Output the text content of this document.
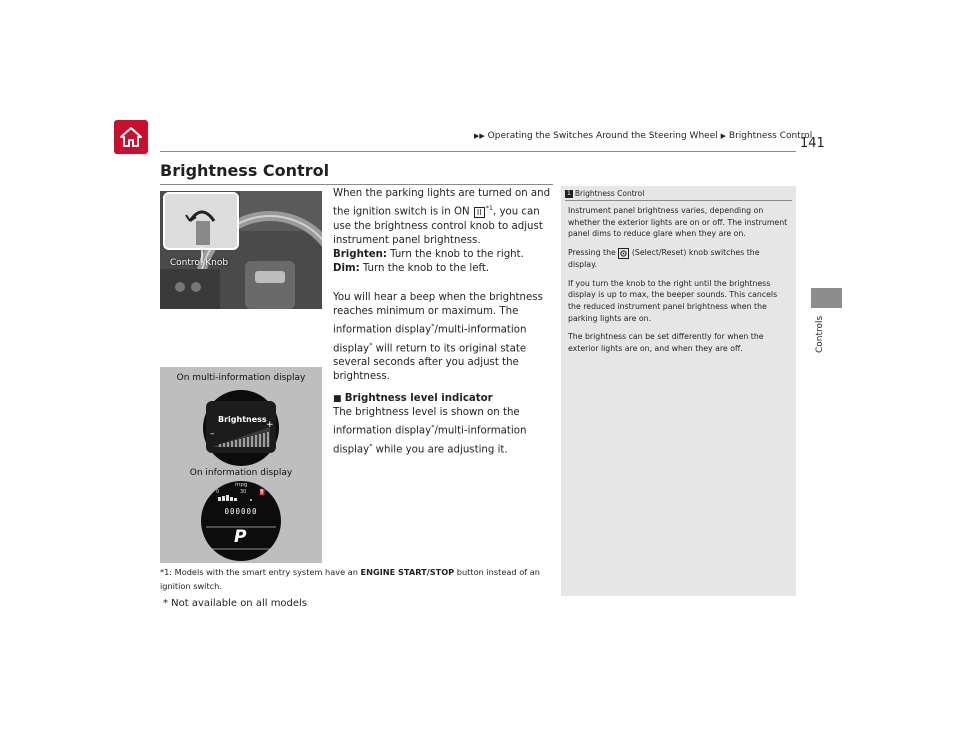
▶▶ Operating the Switches Around the Steering Wheel ▶ Brightness Control
141
Controls
Brightness Control
Control Knob

When the parking lights are turned on and the ignition switch is in ON II $^{*1}$, you can use the brightness control knob to adjust instrument panel brightness.

Brighten: Turn the knob to the right.

Dim: Turn the knob to the left.

You will hear a beep when the brightness reaches minimum or maximum. The information display*/multi-information display* will return to its original state several seconds after you adjust the brightness.

■ Brightness level indicator

The brightness level is shown on the information display*/multi-information display* while you are adjusting it.

On multi-information display
Brightness
–
+
On information display
mpg
0	30 ⛽
000000
P
*1: Models with the smart entry system have an ENGINE START/STOP button instead of an ignition switch.
1 Brightness Control

Instrument panel brightness varies, depending on whether the exterior lights are on or off. The instrument panel dims to reduce glare when they are on.

Pressing the
(Select/Reset) knob switches the display.

If you turn the knob to the right until the brightness display is up to max, the beeper sounds. This cancels the reduced instrument panel brightness when the parking lights are on.

The brightness can be set differently for when the exterior lights are on, and when they are off.

* Not available on all models
